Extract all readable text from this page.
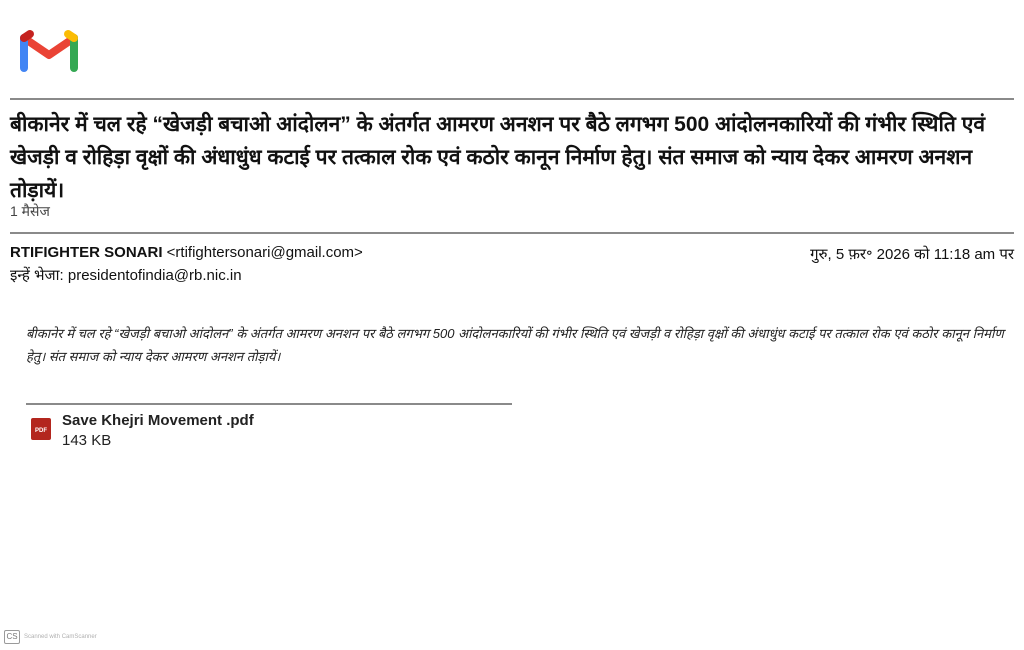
बीकानेर में चल रहे “खेजड़ी बचाओ आंदोलन” के अंतर्गत आमरण अनशन पर बैठे लगभग 500 आंदोलनकारियों की गंभीर स्थिति एवं खेजड़ी व रोहिड़ा वृक्षों की अंधाधुंध कटाई पर तत्काल रोक एवं कठोर कानून निर्माण हेतु। संत समाज को न्याय देकर आमरण अनशन तोड़ायें।
1 मैसेज
RTIFIGHTER SONARI <rtifightersonari@gmail.com>
इन्हें भेजा: presidentofindia@rb.nic.in
गुरु, 5 फ़र॰ 2026 को 11:18 am पर
बीकानेर में चल रहे “खेजड़ी बचाओ आंदोलन” के अंतर्गत आमरण अनशन पर बैठे लगभग 500 आंदोलनकारियों की गंभीर स्थिति एवं खेजड़ी व रोहिड़ा वृक्षों की अंधाधुंध कटाई पर तत्काल रोक एवं कठोर कानून निर्माण हेतु। संत समाज को न्याय देकर आमरण अनशन तोड़ायें।
PDF
Save Khejri Movement .pdf
143 KB
CS	Scanned with CamScanner
